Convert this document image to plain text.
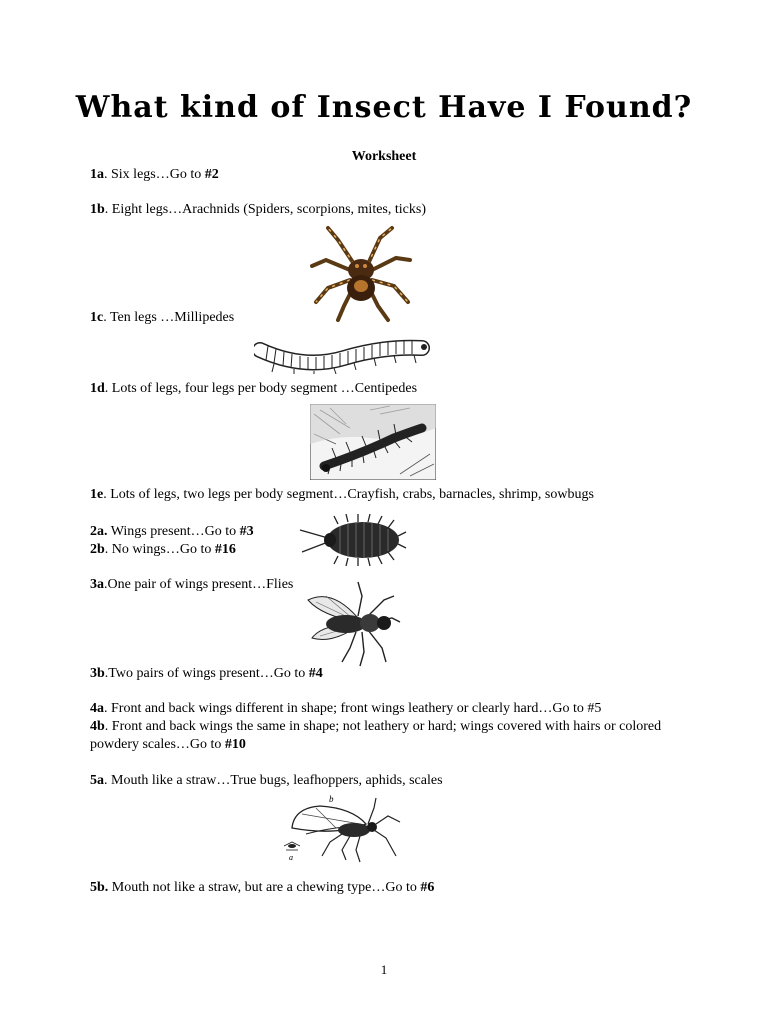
What kind of Insect Have I Found?
Worksheet
1a. Six legs…Go to #2
1b. Eight legs…Arachnids (Spiders, scorpions, mites, ticks)
1c. Ten legs …Millipedes
1d. Lots of legs, four legs per body segment …Centipedes
1e. Lots of legs, two legs per body segment…Crayfish, crabs, barnacles, shrimp, sowbugs
2a. Wings present…Go to #3
2b. No wings…Go to #16
3a.One pair of wings present…Flies
3b.Two pairs of wings present…Go to #4
4a. Front and back wings different in shape; front wings leathery or clearly hard…Go to #5
4b. Front and back wings the same in shape; not leathery or hard; wings covered with hairs or colored powdery scales…Go to #10
5a. Mouth like a straw…True bugs, leafhoppers, aphids, scales
b
a
5b. Mouth not like a straw, but are a chewing type…Go to #6
1
